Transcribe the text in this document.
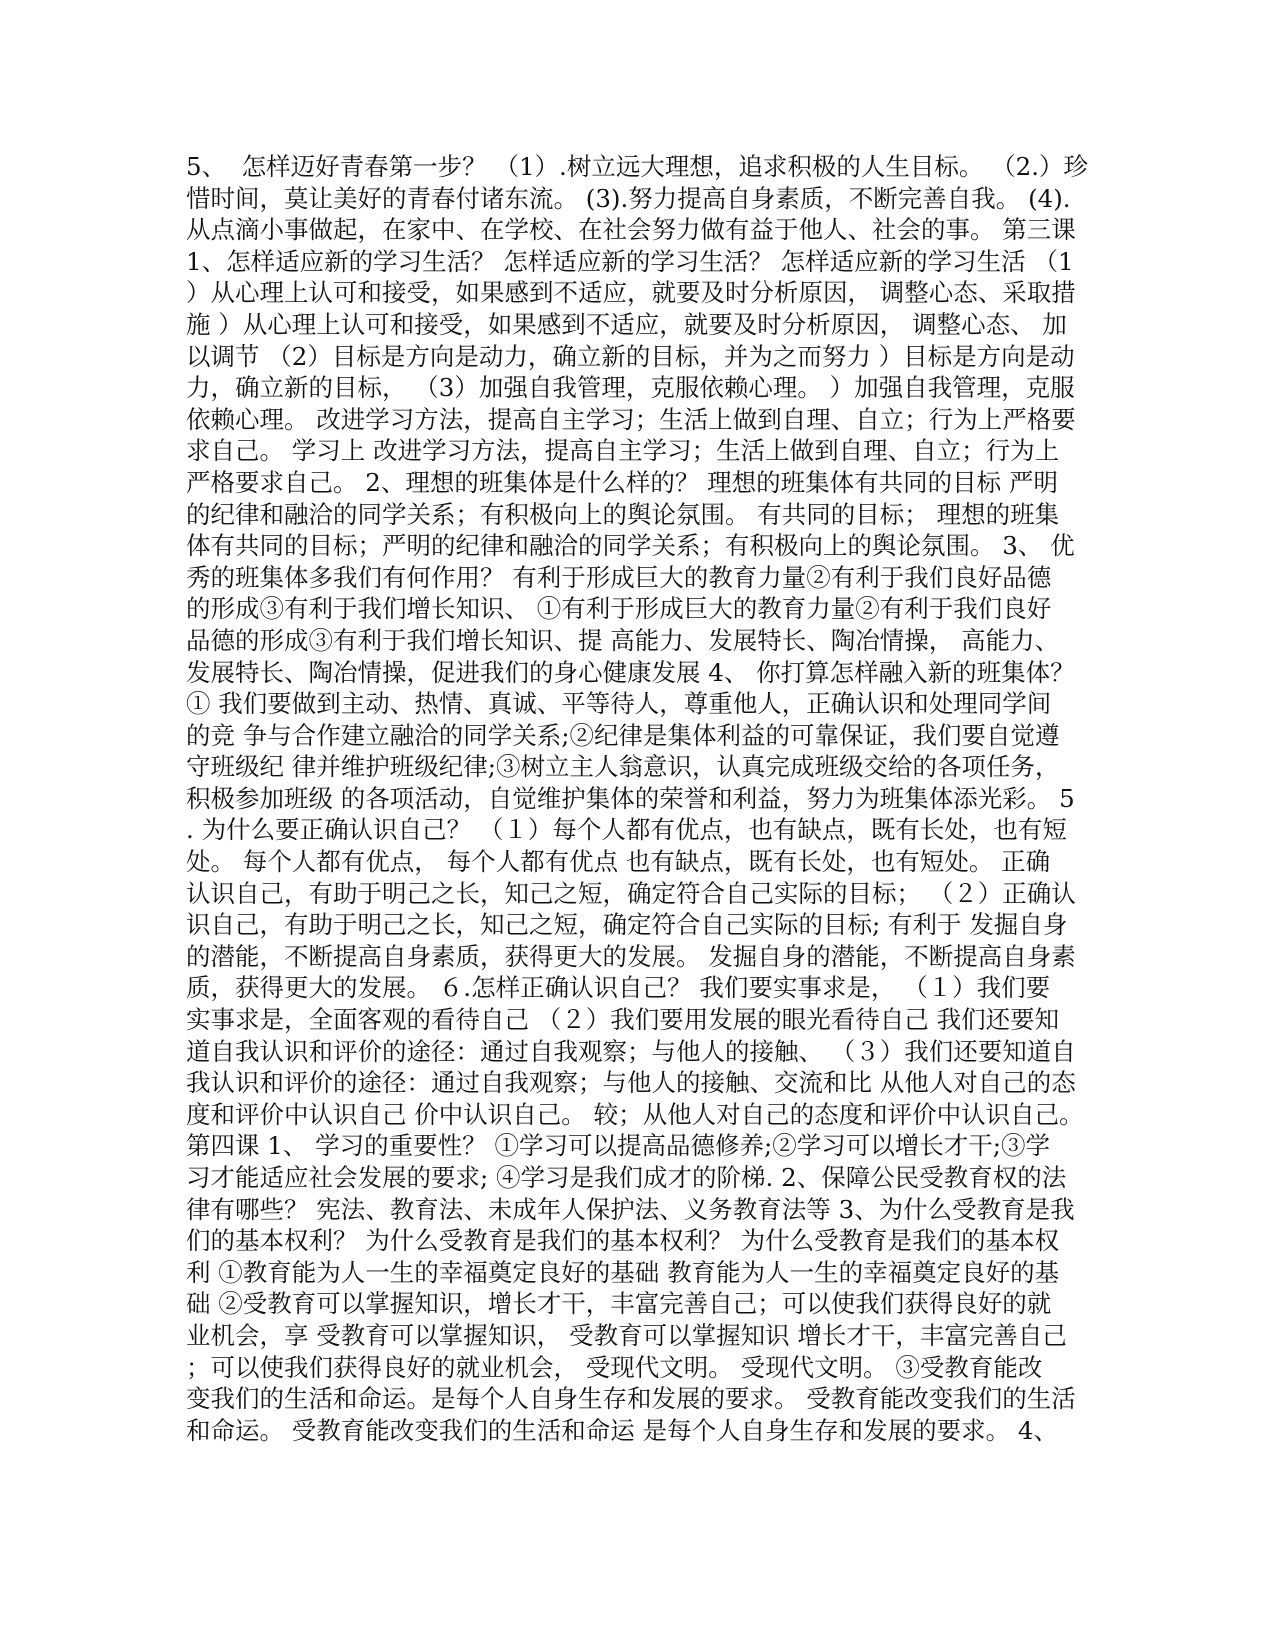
5、  怎样迈好青春第一步？ （1）.树立远大理想，追求积极的人生目标。 （2.）珍
惜时间，莫让美好的青春付诸东流。 (3).努力提高自身素质，不断完善自我。 (4).
从点滴小事做起，在家中、在学校、在社会努力做有益于他人、社会的事。 第三课
1、怎样适应新的学习生活？ 怎样适应新的学习生活？ 怎样适应新的学习生活 （1
）从心理上认可和接受，如果感到不适应，就要及时分析原因， 调整心态、采取措
施 ）从心理上认可和接受，如果感到不适应，就要及时分析原因， 调整心态、 加
以调节 （2）目标是方向是动力，确立新的目标，并为之而努力 ）目标是方向是动
力，确立新的目标， （3）加强自我管理，克服依赖心理。 ）加强自我管理，克服
依赖心理。 改进学习方法，提高自主学习；生活上做到自理、自立；行为上严格要
求自己。 学习上 改进学习方法，提高自主学习；生活上做到自理、自立；行为上
严格要求自己。 2、理想的班集体是什么样的？ 理想的班集体有共同的目标 严明
的纪律和融洽的同学关系；有积极向上的舆论氛围。 有共同的目标； 理想的班集
体有共同的目标；严明的纪律和融洽的同学关系；有积极向上的舆论氛围。 3、 优
秀的班集体多我们有何作用？ 有利于形成巨大的教育力量②有利于我们良好品德
的形成③有利于我们增长知识、 ①有利于形成巨大的教育力量②有利于我们良好
品德的形成③有利于我们增长知识、提 高能力、发展特长、陶冶情操， 高能力、
发展特长、陶冶情操，促进我们的身心健康发展 4、 你打算怎样融入新的班集体？
① 我们要做到主动、热情、真诚、平等待人，尊重他人，正确认识和处理同学间
的竞 争与合作建立融洽的同学关系;②纪律是集体利益的可靠保证，我们要自觉遵
守班级纪 律并维护班级纪律;③树立主人翁意识，认真完成班级交给的各项任务，
积极参加班级 的各项活动，自觉维护集体的荣誉和利益，努力为班集体添光彩。 5
. 为什么要正确认识自己？ （１）每个人都有优点，也有缺点，既有长处，也有短
处。 每个人都有优点， 每个人都有优点 也有缺点，既有长处，也有短处。 正确
认识自己，有助于明己之长，知己之短，确定符合自己实际的目标； （２）正确认
识自己，有助于明己之长，知己之短，确定符合自己实际的目标; 有利于 发掘自身
的潜能，不断提高自身素质，获得更大的发展。 发掘自身的潜能，不断提高自身素
质，获得更大的发展。 ６.怎样正确认识自己？ 我们要实事求是， （１）我们要
实事求是，全面客观的看待自己 （２）我们要用发展的眼光看待自己 我们还要知
道自我认识和评价的途径：通过自我观察；与他人的接触、 （３）我们还要知道自
我认识和评价的途径：通过自我观察；与他人的接触、交流和比 从他人对自己的态
度和评价中认识自己 价中认识自己。 较；从他人对自己的态度和评价中认识自己。
第四课 1、 学习的重要性？ ①学习可以提高品德修养;②学习可以增长才干;③学
习才能适应社会发展的要求; ④学习是我们成才的阶梯. 2、保障公民受教育权的法
律有哪些？ 宪法、教育法、未成年人保护法、义务教育法等 3、为什么受教育是我
们的基本权利？ 为什么受教育是我们的基本权利？ 为什么受教育是我们的基本权
利 ①教育能为人一生的幸福奠定良好的基础 教育能为人一生的幸福奠定良好的基
础 ②受教育可以掌握知识，增长才干，丰富完善自己；可以使我们获得良好的就
业机会，享 受教育可以掌握知识， 受教育可以掌握知识 增长才干，丰富完善自己
；可以使我们获得良好的就业机会， 受现代文明。 受现代文明。 ③受教育能改
变我们的生活和命运。是每个人自身生存和发展的要求。 受教育能改变我们的生活
和命运。 受教育能改变我们的生活和命运 是每个人自身生存和发展的要求。 4、
